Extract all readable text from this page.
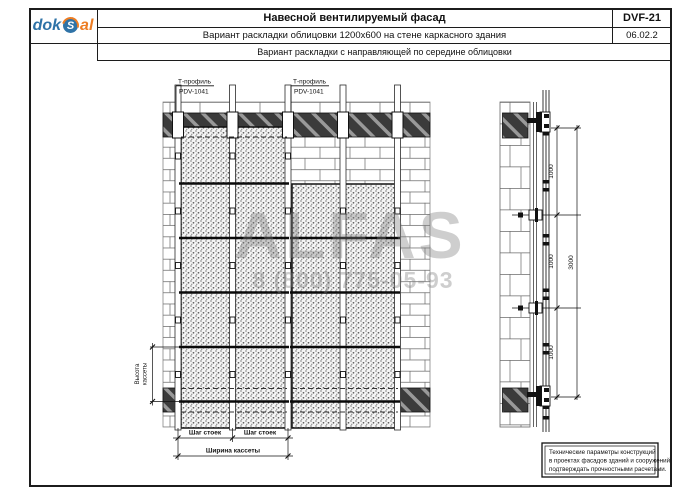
dok S al	Навесной вентилируемый фасад
Вариант раскладки облицовки 1200x600 на стене каркасного здания
DVF-21
06.02.2
Вариант раскладки с направляющей по середине облицовки
Т-профиль
PDV-1041
Т-профиль
PDV-1041
Высота кассеты
Шаг стоек	Шаг стоек
Ширина кассеты
1000
1000
1000
3000
Технические параметры конструкций
в проектах фасадов зданий и сооружений
подтверждать прочностными расчетами.
ALFAS
8 (800) 775-05-93
